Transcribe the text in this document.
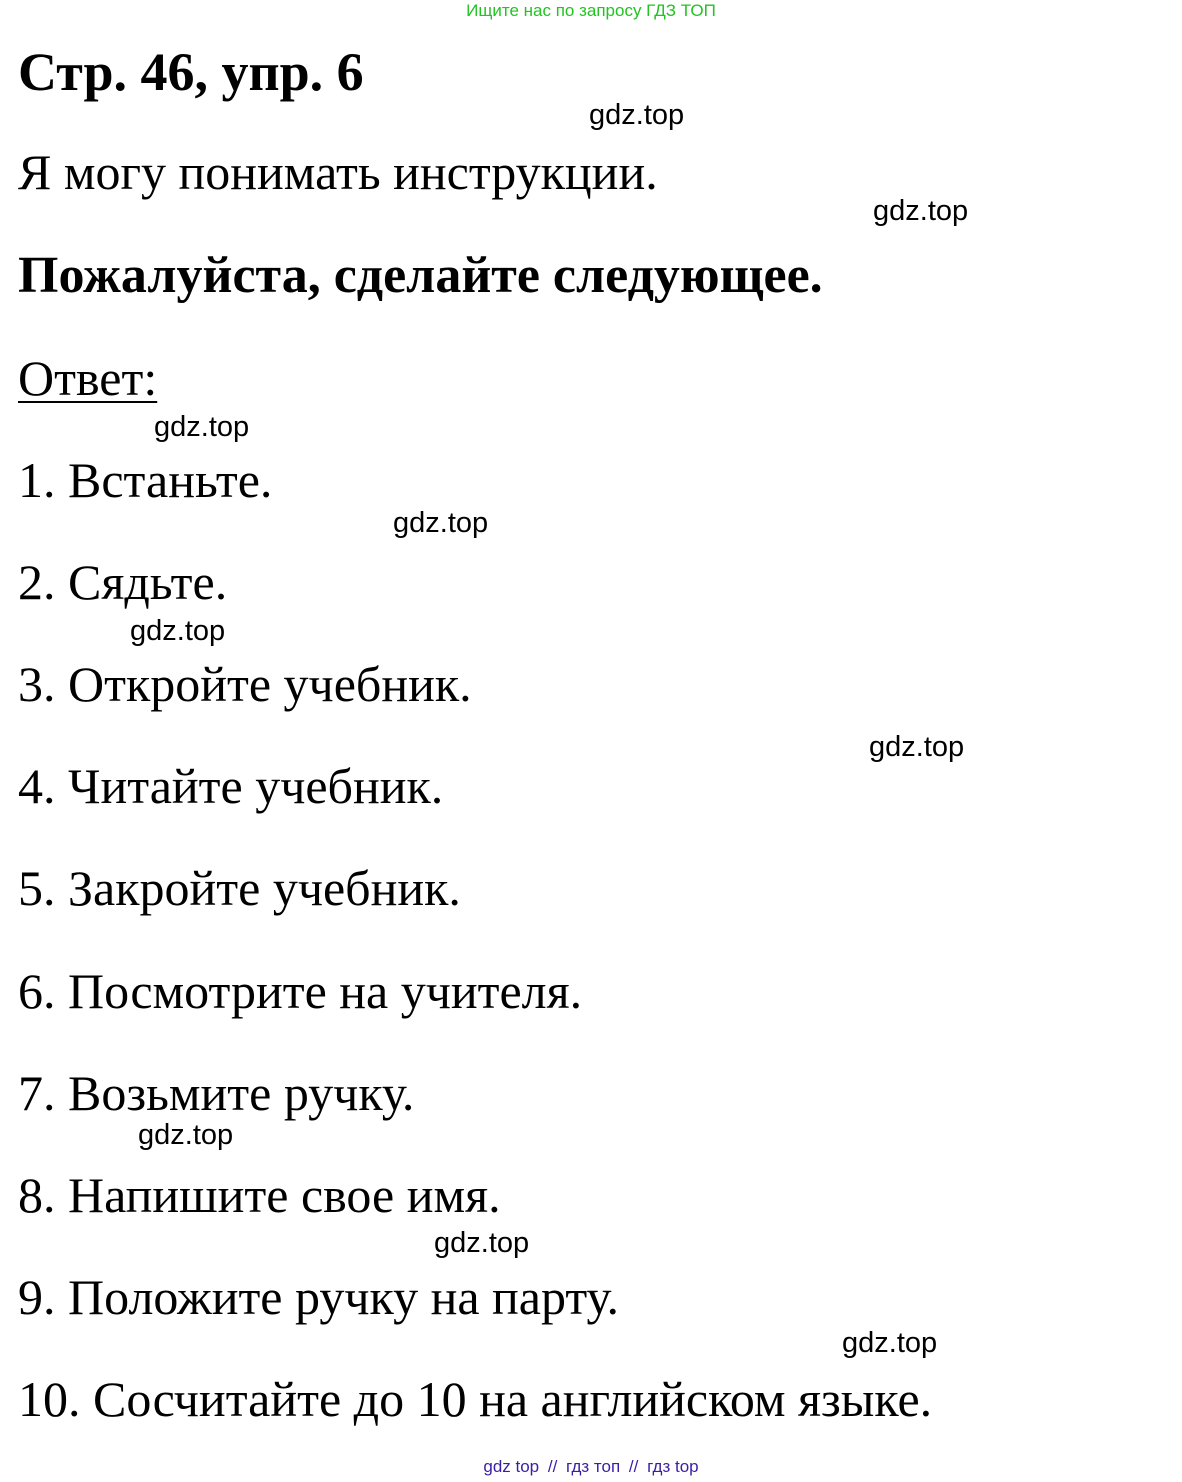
Ищите нас по запросу ГДЗ ТОП
Стр. 46, упр. 6
gdz.top
Я могу понимать инструкции.
gdz.top
Пожалуйста, сделайте следующее.
Ответ:
gdz.top
1. Встаньте.
gdz.top
2. Сядьте.
gdz.top
3. Откройте учебник.
gdz.top
4. Читайте учебник.
5. Закройте учебник.
6. Посмотрите на учителя.
7. Возьмите ручку.
gdz.top
8. Напишите свое имя.
gdz.top
9. Положите ручку на парту.
gdz.top
10. Сосчитайте до 10 на английском языке.
gdz top // гдз топ // гдз top
